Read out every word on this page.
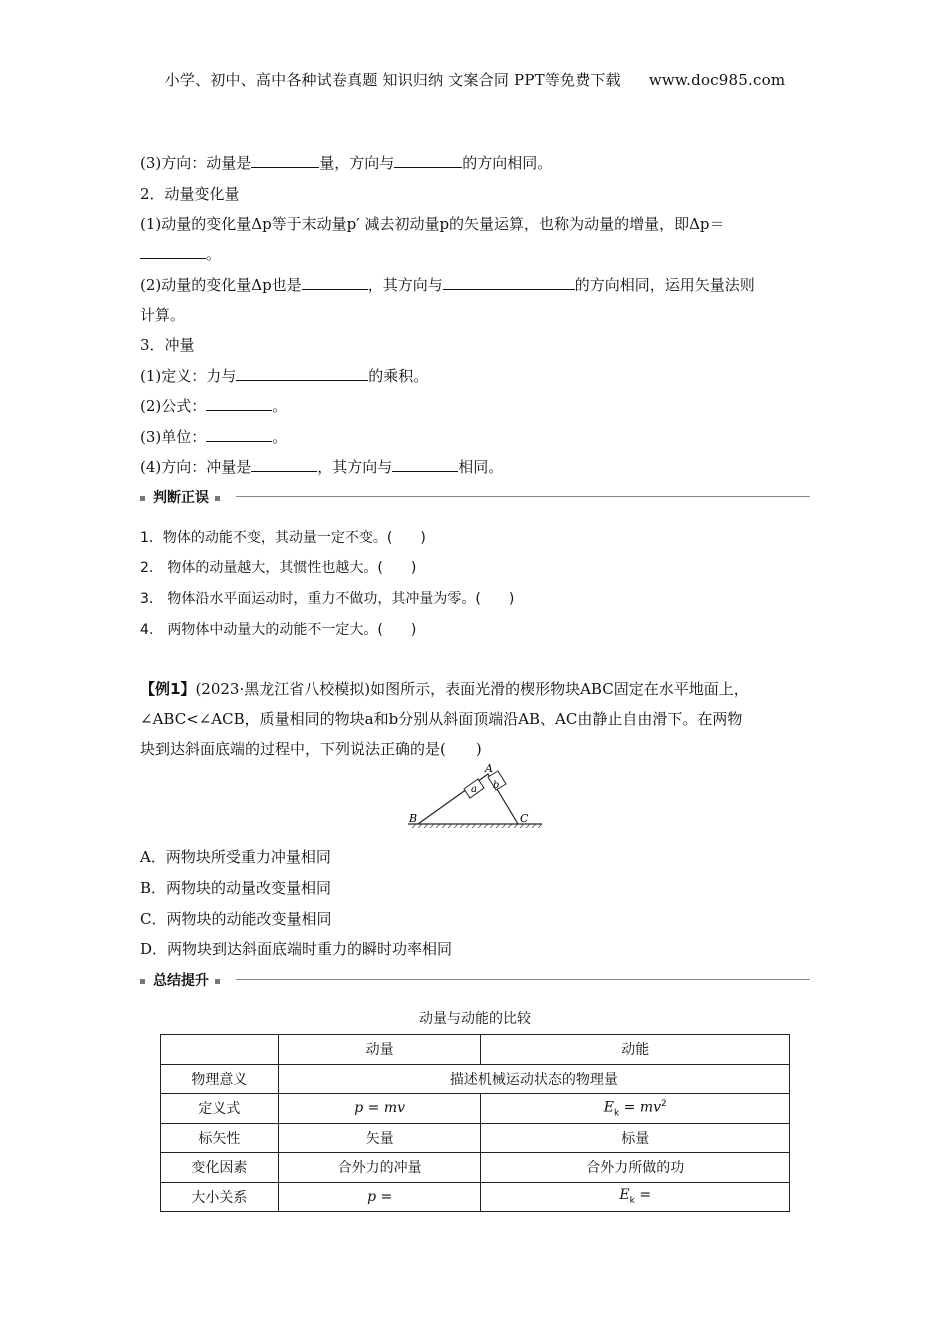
小学、初中、高中各种试卷真题 知识归纳 文案合同 PPT等免费下载 www.doc985.com
(3)方向：动量是	量，方向与	的方向相同。
2．动量变化量
(1)动量的变化量Δp等于末动量p′ 减去初动量p的矢量运算，也称为动量的增量，即Δp＝
。
(2)动量的变化量Δp也是	，其方向与	的方向相同，运用矢量法则
计算。
3．冲量
(1)定义：力与	的乘积。
(2)公式：	。
(3)单位：	。
(4)方向：冲量是	，其方向与	相同。
判断正误
1．物体的动能不变，其动量一定不变。(　　)
2.　物体的动量越大，其惯性也越大。(　　)
3.　物体沿水平面运动时，重力不做功，其冲量为零。(　　)
4.　两物体中动量大的动能不一定大。(　　)
【例1】(2023·黑龙江省八校模拟)如图所示，表面光滑的楔形物块ABC固定在水平地面上，
∠ABC<∠ACB，质量相同的物块a和b分别从斜面顶端沿AB、AC由静止自由滑下。在两物
块到达斜面底端的过程中，下列说法正确的是(　　)
a b
A
B	C
A．两物块所受重力冲量相同
B．两物块的动量改变量相同
C．两物块的动能改变量相同
D．两物块到达斜面底端时重力的瞬时功率相同
总结提升
动量与动能的比较
	动量	动能
物理意义	描述机械运动状态的物理量	
定义式	p = mv	$E_k = mv^2$
标矢性	矢量	标量
变化因素	合外力的冲量	合外力所做的功
大小关系	p =	$E_k$ =
